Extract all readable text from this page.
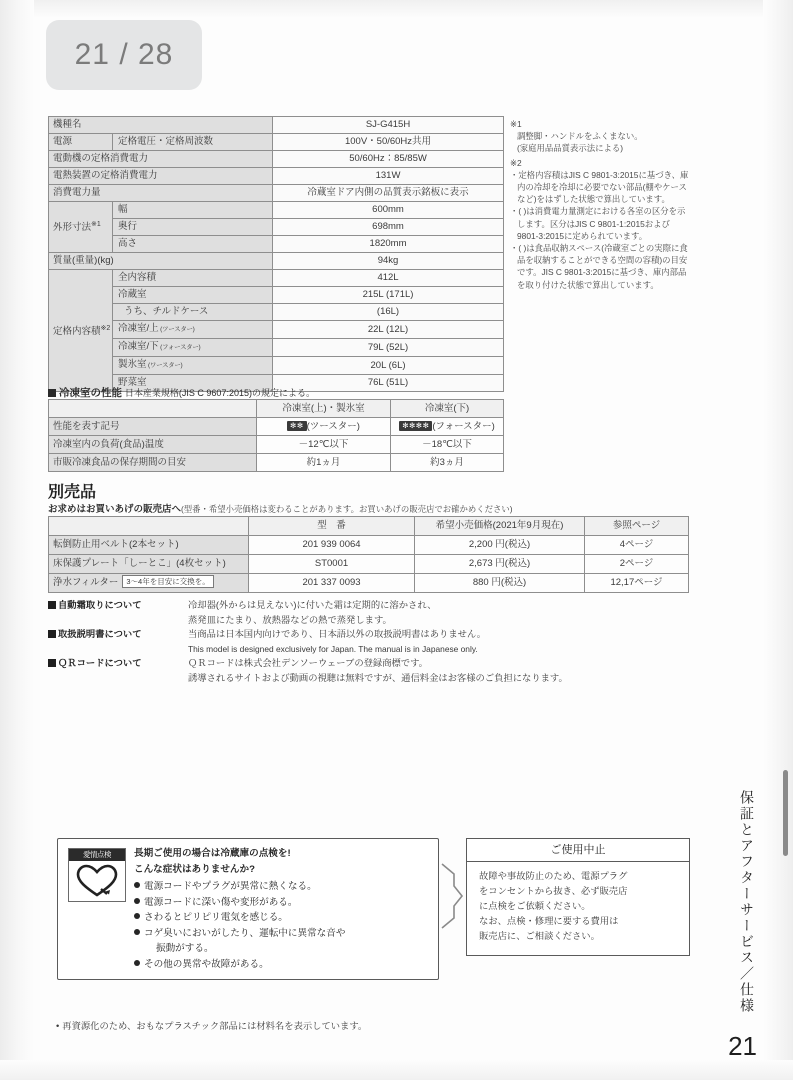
21 / 28
機種名		SJ-G415H
電源	定格電圧・定格周波数	100V・50/60Hz共用
電動機の定格消費電力		50/60Hz：85/85W
電熱装置の定格消費電力		131W
消費電力量		冷蔵室ドア内側の品質表示銘板に表示
外形寸法$^{※1}$	幅	600mm
	奥行	698mm
	高さ	1820mm
質量(重量)(kg)		94kg
定格内容積$^{※2}$	全内容積	412L
	冷蔵室	215L (171L)
	うち、チルドケース	(16L)
	冷凍室/上 (ツースター)	22L (12L)
	冷凍室/下 (フォースター)	79L (52L)
	製氷室 (ワースター)	20L (6L)
	野菜室	76L (51L)
※1
調整脚・ハンドルをふくまない。
(家庭用品品質表示法による)
※2
・定格内容積はJIS C 9801-3:2015に基づき、庫内の冷却を冷却に必要でない部品(棚やケースなど)をはずした状態で算出しています。
・( )は消費電力量測定における各室の区分を示します。区分はJIS C 9801-1:2015および9801-3:2015に定められています。
・( )は食品収納スペース(冷蔵室ごとの実際に食品を収納することができる空間の容積)の目安です。JIS C 9801-3:2015に基づき、庫内部品を取り付けた状態で算出しています。
冷凍室の性能 日本産業規格(JIS C 9607:2015)の規定による。
	冷凍室(上)・製氷室	冷凍室(下)
性能を表す記号	✻✻ (ツースター)	✻✻✻✻ (フォースター)
冷凍室内の負荷(食品)温度	－12℃以下	－18℃以下
市販冷凍食品の保存期間の目安	約1ヵ月	約3ヵ月
別売品
お求めはお買いあげの販売店へ(型番・希望小売価格は変わることがあります。お買いあげの販売店でお確かめください)
	型　番	希望小売価格(2021年9月現在)	参照ページ
転倒防止用ベルト(2本セット)	201 939 0064	2,200 円(税込)	4ページ
床保護プレート「しーとこ」(4枚セット)	ST0001	2,673 円(税込)	2ページ
浄水フィルター 3～4年を目安に交換を。	201 337 0093	880 円(税込)	12,17ページ
自動霜取りについて	冷却器(外からは見えない)に付いた霜は定期的に溶かされ、
蒸発皿にたまり、放熱器などの熱で蒸発します。
取扱説明書について	当商品は日本国内向けであり、日本語以外の取扱説明書はありません。
This model is designed exclusively for Japan. The manual is in Japanese only.
ＱＲコードについて	ＱＲコードは株式会社デンソーウェーブの登録商標です。
誘導されるサイトおよび動画の視聴は無料ですが、通信料金はお客様のご負担になります。
愛情点検	長期ご使用の場合は冷蔵庫の点検を!
こんな症状はありませんか?
電源コードやプラグが異常に熱くなる。
電源コードに深い傷や変形がある。
さわるとピリピリ電気を感じる。
コゲ臭いにおいがしたり、運転中に異常な音や
振動がする。
その他の異常や故障がある。
ご使用中止
故障や事故防止のため、電源プラグ
をコンセントから抜き、必ず販売店
に点検をご依頼ください。
なお、点検・修理に要する費用は
販売店に、ご相談ください。
• 再資源化のため、おもなプラスチック部品には材料名を表示しています。
保証とアフターサービス／仕様
21
